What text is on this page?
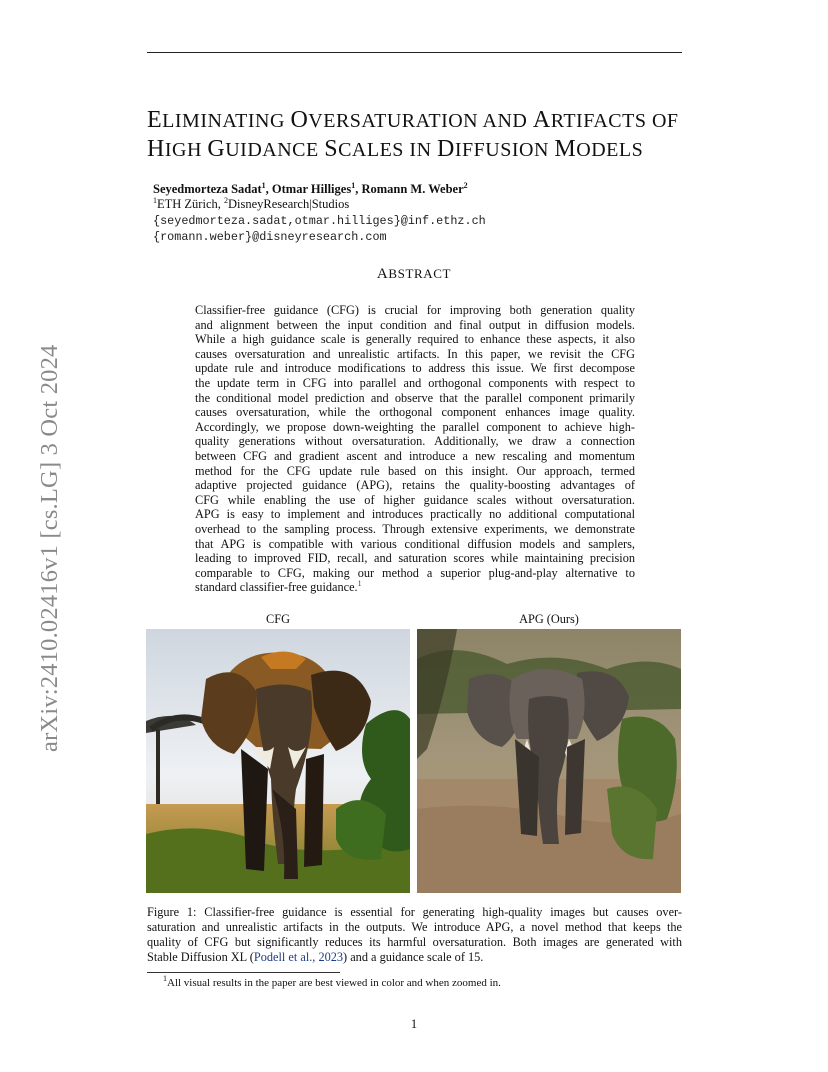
arXiv:2410.02416v1 [cs.LG] 3 Oct 2024
ELIMINATING OVERSATURATION AND ARTIFACTS OF
HIGH GUIDANCE SCALES IN DIFFUSION MODELS
Seyedmorteza Sadat$^1$, Otmar Hilliges$^1$, Romann M. Weber$^2$
$^1$ETH Zürich, $^2$DisneyResearch|Studios
{seyedmorteza.sadat,otmar.hilliges}@inf.ethz.ch
{romann.weber}@disneyresearch.com
ABSTRACT
Classifier-free guidance (CFG) is crucial for improving both generation quality
and alignment between the input condition and final output in diffusion models.
While a high guidance scale is generally required to enhance these aspects, it also
causes oversaturation and unrealistic artifacts. In this paper, we revisit the CFG
update rule and introduce modifications to address this issue. We first decompose
the update term in CFG into parallel and orthogonal components with respect to
the conditional model prediction and observe that the parallel component primarily
causes oversaturation, while the orthogonal component enhances image quality.
Accordingly, we propose down-weighting the parallel component to achieve high-
quality generations without oversaturation. Additionally, we draw a connection
between CFG and gradient ascent and introduce a new rescaling and momentum
method for the CFG update rule based on this insight. Our approach, termed
adaptive projected guidance (APG), retains the quality-boosting advantages of
CFG while enabling the use of higher guidance scales without oversaturation.
APG is easy to implement and introduces practically no additional computational
overhead to the sampling process. Through extensive experiments, we demonstrate
that APG is compatible with various conditional diffusion models and samplers,
leading to improved FID, recall, and saturation scores while maintaining precision
comparable to CFG, making our method a superior plug-and-play alternative to
standard classifier-free guidance.$^1$
CFG	APG (Ours)
Figure 1: Classifier-free guidance is essential for generating high-quality images but causes over-
saturation and unrealistic artifacts in the outputs. We introduce APG, a novel method that keeps the
quality of CFG but significantly reduces its harmful oversaturation. Both images are generated with
Stable Diffusion XL (Podell et al., 2023) and a guidance scale of 15.
$^1$All visual results in the paper are best viewed in color and when zoomed in.
1
